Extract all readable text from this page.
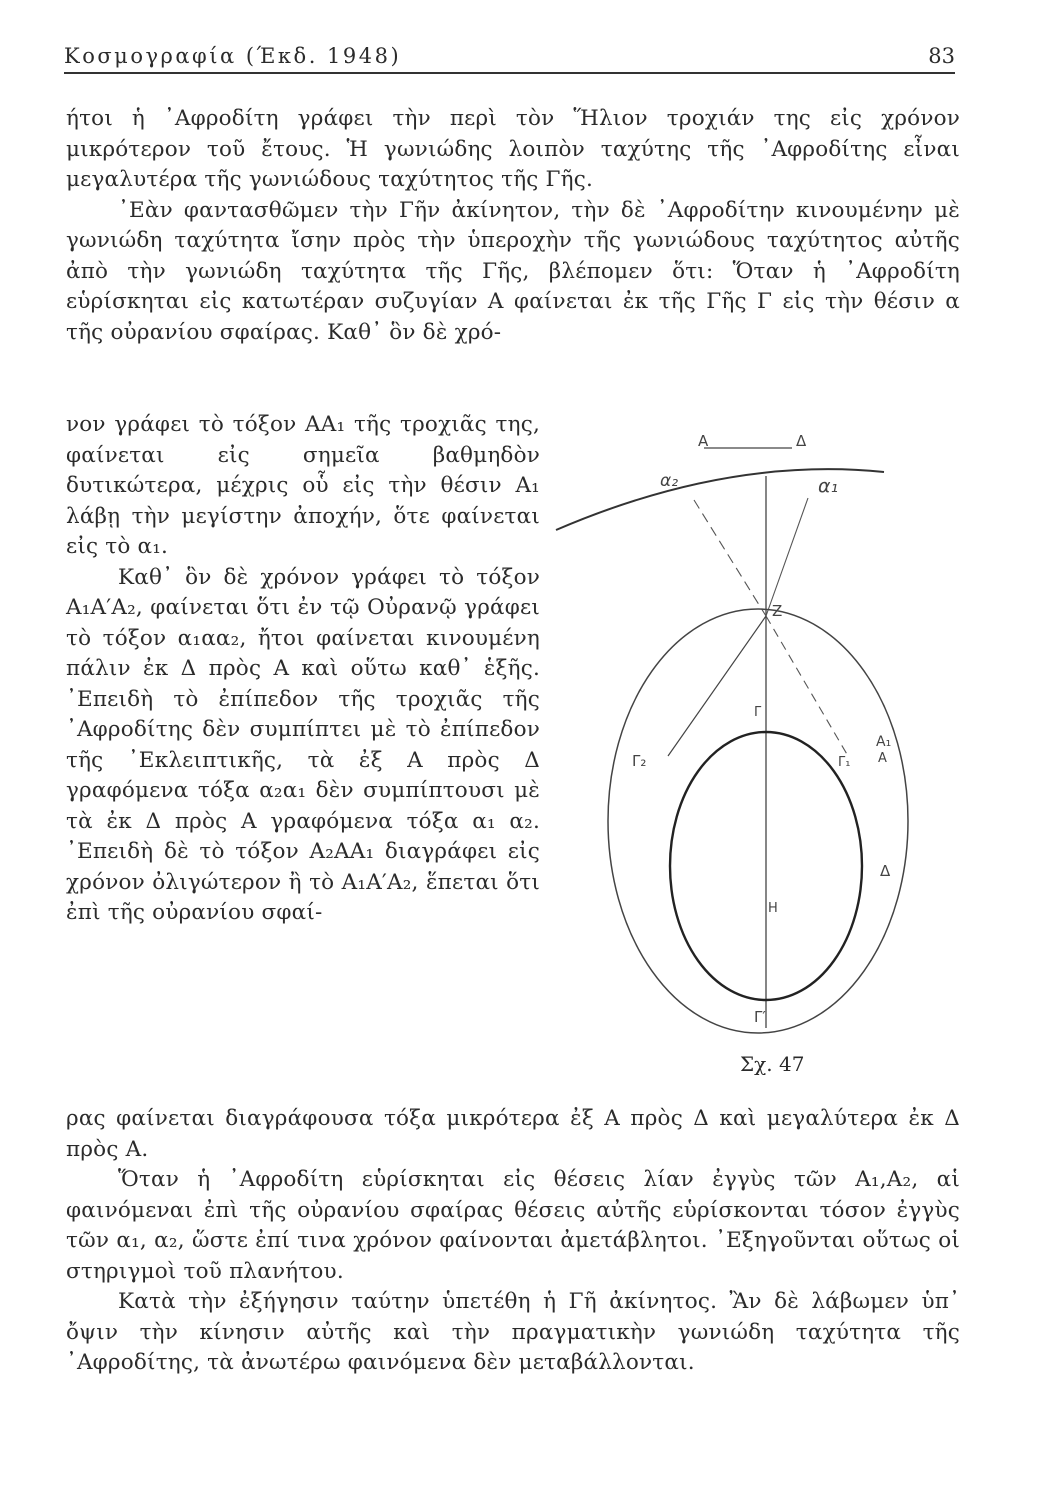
Κοσμογραφία (Έκδ. 1948)	83

ήτοι ἡ ᾿Αφροδίτη γράφει τὴν περὶ τὸν Ἥλιον τροχιάν της εἰς χρόνον μικρότερον τοῦ ἔτους. Ἡ γωνιώδης λοιπὸν ταχύτης τῆς ᾿Αφροδίτης εἶναι μεγαλυτέρα τῆς γωνιώδους ταχύτητος τῆς Γῆς.

᾿Εὰν φαντασθῶμεν τὴν Γῆν ἀκίνητον, τὴν δὲ ᾿Αφροδίτην κινουμένην μὲ γωνιώδη ταχύτητα ἴσην πρὸς τὴν ὑπεροχὴν τῆς γωνιώδους ταχύτητος αὐτῆς ἀπὸ τὴν γωνιώδη ταχύτητα τῆς Γῆς, βλέπομεν ὅτι: Ὅταν ἡ ᾿Αφροδίτη εὑρίσκηται εἰς κατωτέραν συζυγίαν Α φαίνεται ἐκ τῆς Γῆς Γ εἰς τὴν θέσιν α τῆς οὐρανίου σφαίρας. Καθ᾿ ὃν δὲ χρό-

νον γράφει τὸ τόξον ΑΑ₁ τῆς τροχιᾶς της, φαίνεται εἰς σημεῖα βαθμηδὸν δυτικώτερα, μέχρις οὗ εἰς τὴν θέσιν Α₁ λάβῃ τὴν μεγίστην ἀποχήν, ὅτε φαίνεται εἰς τὸ α₁.

Καθ᾿ ὃν δὲ χρόνον γράφει τὸ τόξον Α₁Α′Α₂, φαίνεται ὅτι ἐν τῷ Οὐρανῷ γράφει τὸ τόξον α₁αα₂, ἤτοι φαίνεται κινουμένη πάλιν ἐκ Δ πρὸς Α καὶ οὕτω καθ᾿ ἑξῆς. ᾿Επειδὴ τὸ ἐπίπεδον τῆς τροχιᾶς τῆς ᾿Αφροδίτης δὲν συμπίπτει μὲ τὸ ἐπίπεδον τῆς ᾿Εκλειπτικῆς, τὰ ἐξ Α πρὸς Δ γραφόμενα τόξα α₂α₁ δὲν συμπίπτουσι μὲ τὰ ἐκ Δ πρὸς Α γραφόμενα τόξα α₁ α₂. ᾿Επειδὴ δὲ τὸ τόξον Α₂ΑΑ₁ διαγράφει εἰς χρόνον ὀλιγώτερον ἢ τὸ Α₁Α′Α₂, ἕπεται ὅτι ἐπὶ τῆς οὐρανίου σφαί-

Α	Δ
α₂	α₁
Ζ
Γ
Γ₂	Γ₁
Α₁
Α
Δ
Η
Γ′
Σχ. 47

ρας φαίνεται διαγράφουσα τόξα μικρότερα ἐξ Α πρὸς Δ καὶ μεγαλύτερα ἐκ Δ πρὸς Α.

Ὅταν ἡ ᾿Αφροδίτη εὑρίσκηται εἰς θέσεις λίαν ἐγγὺς τῶν Α₁,Α₂, αἱ φαινόμεναι ἐπὶ τῆς οὐρανίου σφαίρας θέσεις αὐτῆς εὑρίσκονται τόσον ἐγγὺς τῶν α₁, α₂, ὥστε ἐπί τινα χρόνον φαίνονται ἀμετάβλητοι. ᾿Εξηγοῦνται οὕτως οἱ στηριγμοὶ τοῦ πλανήτου.

Κατὰ τὴν ἐξήγησιν ταύτην ὑπετέθη ἡ Γῆ ἀκίνητος. Ἂν δὲ λάβωμεν ὑπ᾿ ὄψιν τὴν κίνησιν αὐτῆς καὶ τὴν πραγματικὴν γωνιώδη ταχύτητα τῆς ᾿Αφροδίτης, τὰ ἀνωτέρω φαινόμενα δὲν μεταβάλλονται.
